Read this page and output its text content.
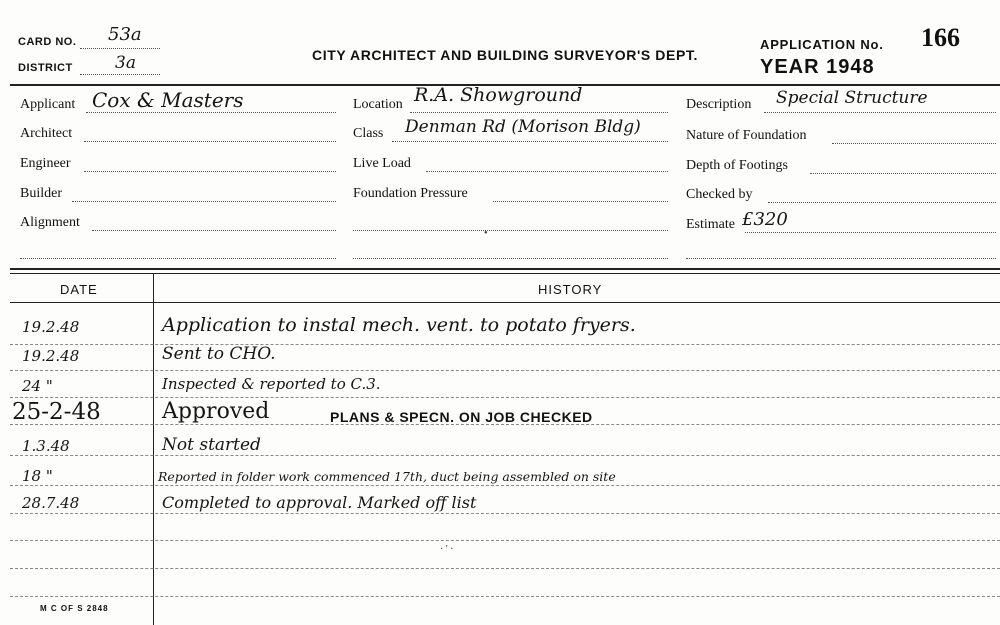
CARD NO. 53a
DISTRICT 3a	CITY ARCHITECT AND BUILDING SURVEYOR'S DEPT.
APPLICATION No. 166
YEAR 1948
Applicant Cox & Masters
Architect
Engineer
Builder
Alignment
Location R.A. Showground
Class Denman Rd (Morison Bldg)
Live Load
Foundation Pressure
Description Special Structure
Nature of Foundation
Depth of Footings
Checked by
Estimate £320
DATE	HISTORY
19.2.48	Application to instal mech. vent. to potato fryers.
19.2.48	Sent to CHO.
24 "	Inspected & reported to C.3.
25-2-48	Approved	PLANS & SPECN. ON JOB CHECKED
1.3.48	Not started
18 "	Reported in folder work commenced 17th, duct being assembled on site
28.7.48	Completed to approval. Marked off list
· ' ·
•
M C OF S 2848
